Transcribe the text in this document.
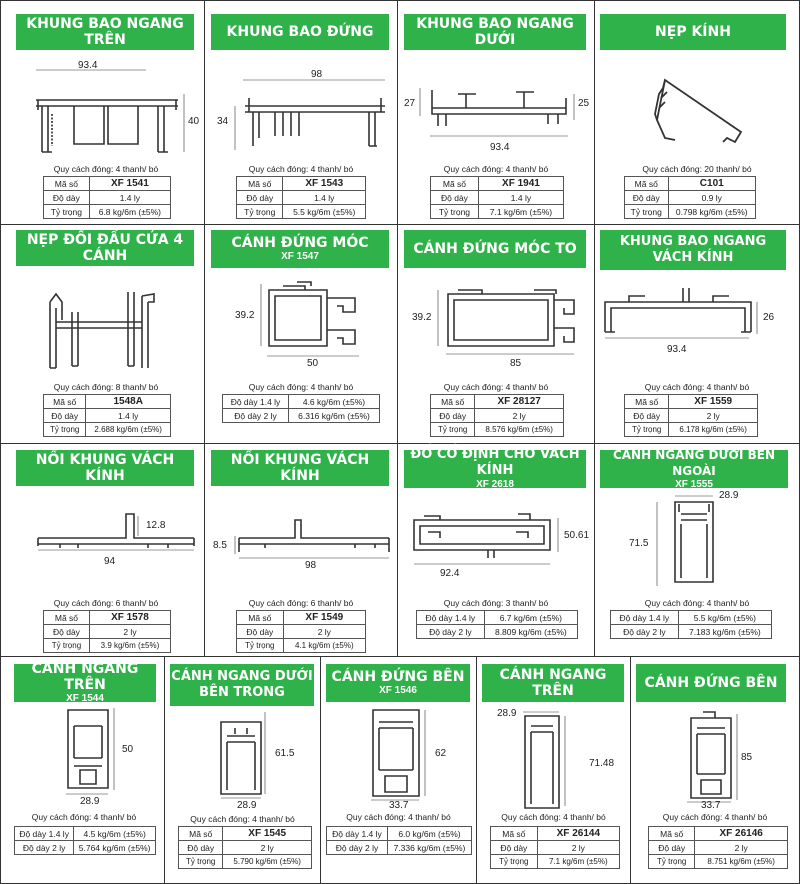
KHUNG BAO NGANG TRÊN
93.4
40
Quy cách đóng: 4 thanh/ bó
Mã số	XF 1541
Độ dày	1.4 ly
Tỷ trọng	6.8 kg/6m (±5%)
KHUNG BAO ĐỨNG
98
34
Quy cách đóng: 4 thanh/ bó
Mã số	XF 1543
Độ dày	1.4 ly
Tỷ trọng	5.5 kg/6m (±5%)
KHUNG BAO NGANG DƯỚI
27	25
93.4
Quy cách đóng: 4 thanh/ bó
Mã số	XF 1941
Độ dày	1.4 ly
Tỷ trọng	7.1 kg/6m (±5%)
NẸP KÍNH
Quy cách đóng: 20 thanh/ bó
Mã số	C101
Độ dày	0.9 ly
Tỷ trọng	0.798 kg/6m (±5%)
NẸP ĐỐI ĐẦU CỬA 4 CÁNH
Quy cách đóng: 8 thanh/ bó
Mã số	1548A
Độ dày	1.4 ly
Tỷ trọng	2.688 kg/6m (±5%)
CÁNH ĐỨNG MÓC
XF 1547
39.2
50
Quy cách đóng: 4 thanh/ bó
Độ dày 1.4 ly	4.6 kg/6m (±5%)
Độ dày 2 ly	6.316 kg/6m (±5%)
CÁNH ĐỨNG MÓC TO
39.2
85
Quy cách đóng: 4 thanh/ bó
Mã số	XF 28127
Độ dày	2 ly
Tỷ trọng	8.576 kg/6m (±5%)
KHUNG BAO NGANG VÁCH KÍNH
26
93.4
Quy cách đóng: 4 thanh/ bó
Mã số	XF 1559
Độ dày	2 ly
Tỷ trọng	6.178 kg/6m (±5%)
NỐI KHUNG VÁCH KÍNH
12.8
94
Quy cách đóng: 6 thanh/ bó
Mã số	XF 1578
Độ dày	2 ly
Tỷ trọng	3.9 kg/6m (±5%)
NỐI KHUNG VÁCH KÍNH
8.5
98
Quy cách đóng: 6 thanh/ bó
Mã số	XF 1549
Độ dày	2 ly
Tỷ trọng	4.1 kg/6m (±5%)
ĐỐ CỐ ĐỊNH CHO VÁCH KÍNH
XF 2618
50.61
92.4
Quy cách đóng: 3 thanh/ bó
Độ dày 1.4 ly	6.7 kg/6m (±5%)
Độ dày 2 ly	8.809 kg/6m (±5%)
CÁNH NGANG DƯỚI BÊN NGOÀI
XF 1555
28.9
71.5
Quy cách đóng: 4 thanh/ bó
Độ dày 1.4 ly	5.5 kg/6m (±5%)
Độ dày 2 ly	7.183 kg/6m (±5%)
CÁNH NGANG TRÊN
XF 1544
50
28.9
Quy cách đóng: 4 thanh/ bó
Độ dày 1.4 ly	4.5 kg/6m (±5%)
Độ dày 2 ly	5.764 kg/6m (±5%)
CÁNH NGANG DƯỚI BÊN TRONG
61.5
28.9
Quy cách đóng: 4 thanh/ bó
Mã số	XF 1545
Độ dày	2 ly
Tỷ trọng	5.790 kg/6m (±5%)
CÁNH ĐỨNG BÊN
XF 1546
62
33.7
Quy cách đóng: 4 thanh/ bó
Độ dày 1.4 ly	6.0 kg/6m (±5%)
Độ dày 2 ly	7.336 kg/6m (±5%)
CÁNH NGANG TRÊN
28.9
71.48
Quy cách đóng: 4 thanh/ bó
Mã số	XF 26144
Độ dày	2 ly
Tỷ trọng	7.1 kg/6m (±5%)
CÁNH ĐỨNG BÊN
85
33.7
Quy cách đóng: 4 thanh/ bó
Mã số	XF 26146
Độ dày	2 ly
Tỷ trọng	8.751 kg/6m (±5%)
